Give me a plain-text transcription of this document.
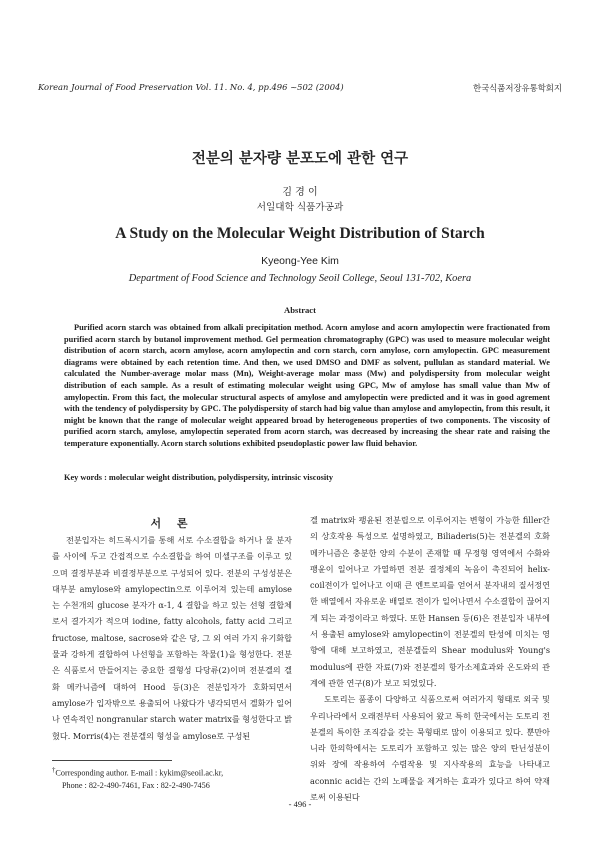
Korean Journal of Food Preservation Vol. 11. No. 4, pp.496 ~502 (2004)	한국식품저장유통학회지
전분의 분자량 분포도에 관한 연구
김 경 이
서일대학 식품가공과
A Study on the Molecular Weight Distribution of Starch
Kyeong-Yee Kim
Department of Food Science and Technology Seoil College, Seoul 131-702, Koera
Abstract

Purified acorn starch was obtained from alkali precipitation method. Acorn amylose and acorn amylopectin were fractionated from purified acorn starch by butanol improvement method. Gel permeation chromatography (GPC) was used to measure molecular weight distribution of acorn starch, acorn amylose, acorn amylopectin and corn starch, corn amylose, corn amylopectin. GPC measurement diagrams were obtained by each retention time. And then, we used DMSO and DMF as solvent, pullulan as standard material. We calculated the Number-average molar mass (Mn), Weight-average molar mass (Mw) and polydispersity from molecular weight distribution of each sample. As a result of estimating molecular weight using GPC, Mw of amylose has small value than Mw of amylopectin. From this fact, the molecular structural aspects of amylose and amylopectin were predicted and it was in good agrement with the tendency of polydispersity by GPC. The polydispersity of starch had big value than amylose and amylopectin, from this result, it might be known that the range of molecular weight appeared broad by heterogeneous properties of two components. The viscosity of purified acorn starch, amylose, amylopectin seperated from acorn starch, was decreased by increasing the shear rate and raising the temperature exponentially. Acorn starch solutions exhibited pseudoplastic power law fluid behavior.

Key words : molecular weight distribution, polydispersity, intrinsic viscosity
서 론

전분입자는 히드록시기를 통해 서로 수소결합을 하거나 물 분자를 사이에 두고 간접적으로 수소결합을 하여 미셀구조를 이루고 있으며 결정부분과 비결정부분으로 구성되어 있다. 전분의 구성성분은 대부분 amylose와 amylopectin으로 이루어져 있는데 amylose는 수천개의 glucose 분자가 α-1, 4 결합을 하고 있는 선형 결합체로서 결가지가 적으며 iodine, fatty alcohols, fatty acid 그리고 fructose, maltose, sacrose와 같은 당, 그 외 여러 가지 유기화합물과 강하게 결합하여 나선형을 포함하는 착물(1)을 형성한다. 전분은 식품로서 만들어지는 중요한 결형성 다당류(2)이며 전분겔의 겔화 메카니즘에 대하여 Hood 등(3)은 전분입자가 호화되면서 amylose가 입자밖으로 용출되어 나왔다가 냉각되면서 겔화가 일어나 연속적인 nongranular starch water matrix를 형성한다고 밝혔다. Morris(4)는 전분겔의 형성을 amylose로 구성된

겔 matrix와 팽윤된 전분립으로 이루어지는 변형이 가능한 filler간의 상호작용 특성으로 설명하였고, Biliaderis(5)는 전분겔의 호화메카니즘은 충분한 양의 수분이 존재할 때 무정형 영역에서 수화와 팽윤이 일어나고 가열하면 전분 결정체의 녹음이 촉진되어 helix-coil전이가 일어나고 이때 큰 엔트로피를 얻어서 분자내의 질서정연한 배열에서 자유로운 배열로 전이가 일어나면서 수소결합이 끊어지게 되는 과정이라고 하였다. 또한 Hansen 등(6)은 전분입자 내부에서 용출된 amylose와 amylopectin이 전분겔의 탄성에 미치는 영향에 대해 보고하였고, 전분겔들의 Shear modulus와 Young's modulus에 관한 자료(7)와 전분겔의 항가소제효과와 온도와의 관계에 관한 연구(8)가 보고 되었있다.

도토리는 품종이 다양하고 식품으로써 여러가지 형태로 외국 및 우리나라에서 오래전부터 사용되어 왔고 특히 한국에서는 도토리 전분겔의 특이한 조직감을 갖는 묵형태로 많이 이용되고 있다. 뿐만아니라 한의학에서는 도토리가 포함하고 있는 많은 양의 탄닌성분이 위와 장에 작용하여 수렴작용 및 지사작용의 효능을 나타내고 aconnic acid는 간의 노폐물을 제거하는 효과가 있다고 하여 약재로써 이용된다

†Corresponding author. E-mail : kykim@seoil.ac.kr,
Phone : 82-2-490-7461, Fax : 82-2-490-7456
- 496 -
